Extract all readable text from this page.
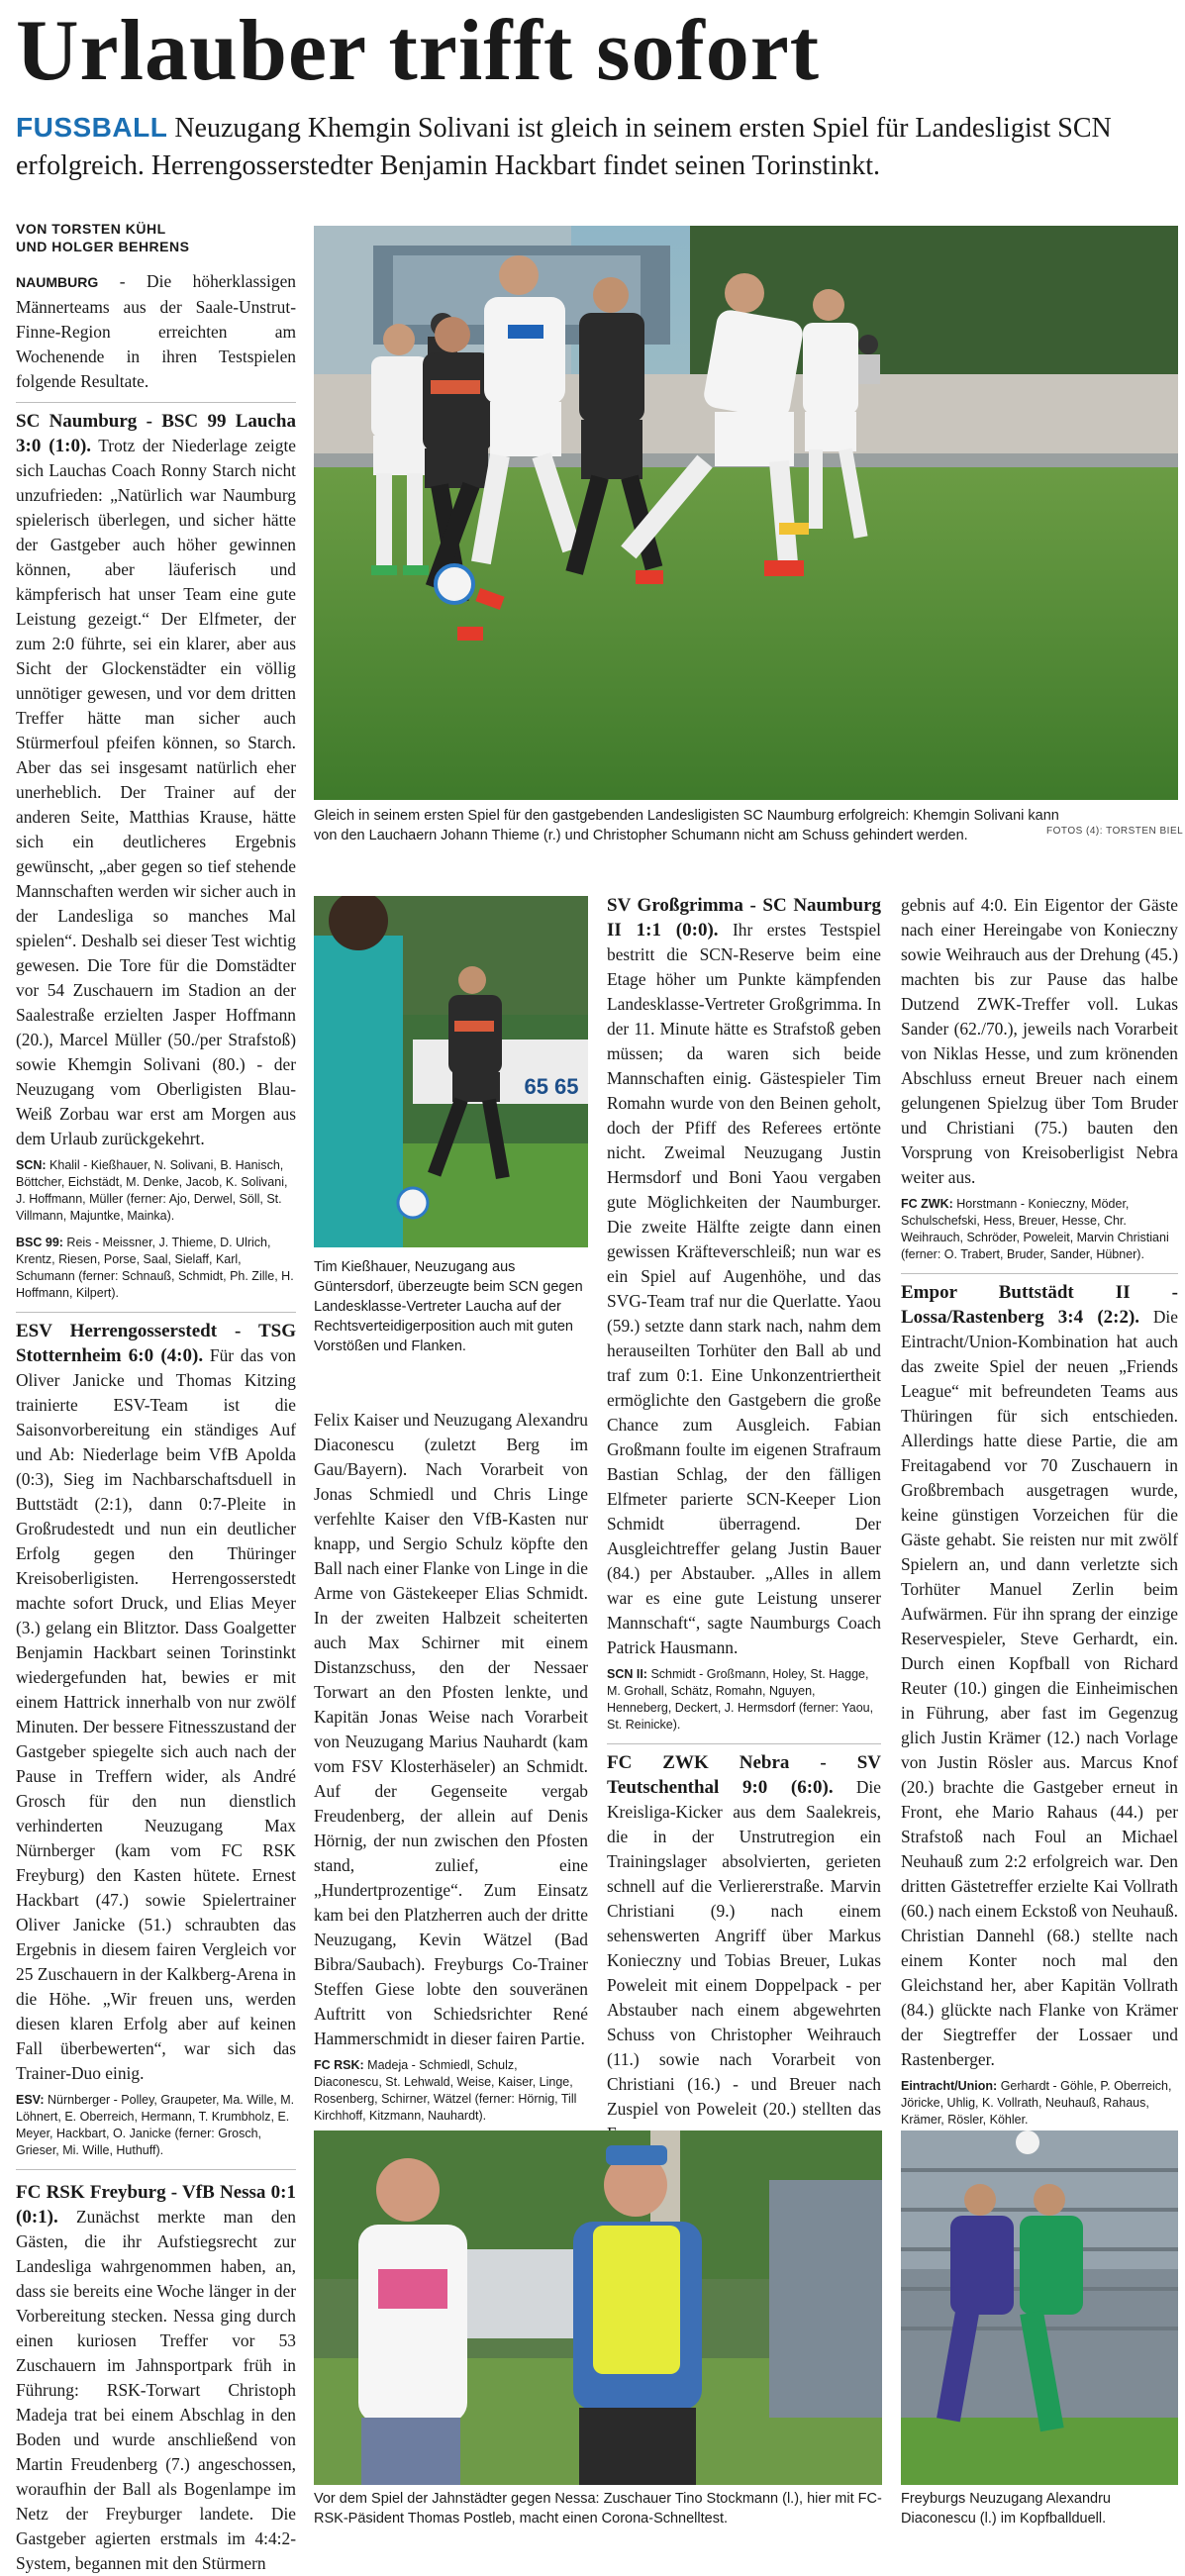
Urlauber trifft sofort

FUSSBALL Neuzugang Khemgin Solivani ist gleich in seinem ersten Spiel für Landesligist SCN erfolgreich. Herrengosserstedter Benjamin Hackbart findet seinen Torinstinkt.

VON TORSTEN KÜHL
UND HOLGER BEHRENS

NAUMBURG - Die höherklassigen Männerteams aus der Saale-Unstrut-Finne-Region erreichten am Wochenende in ihren Testspielen folgende Resultate.

SC Naumburg - BSC 99 Laucha 3:0 (1:0). Trotz der Niederlage zeigte sich Lauchas Coach Ronny Starch nicht unzufrieden: „Natürlich war Naumburg spielerisch überlegen, und sicher hätte der Gastgeber auch höher gewinnen können, aber läuferisch und kämpferisch hat unser Team eine gute Leistung gezeigt.“ Der Elfmeter, der zum 2:0 führte, sei ein klarer, aber aus Sicht der Glockenstädter ein völlig unnötiger gewesen, und vor dem dritten Treffer hätte man sicher auch Stürmerfoul pfeifen können, so Starch. Aber das sei insgesamt natürlich eher unerheblich. Der Trainer auf der anderen Seite, Matthias Krause, hätte sich ein deutlicheres Ergebnis gewünscht, „aber gegen so tief stehende Mannschaften werden wir sicher auch in der Landesliga so manches Mal spielen“. Deshalb sei dieser Test wichtig gewesen. Die Tore für die Domstädter vor 54 Zuschauern im Stadion an der Saalestraße erzielten Jasper Hoffmann (20.), Marcel Müller (50./per Strafstoß) sowie Khemgin Solivani (80.) - der Neuzugang vom Oberligisten Blau-Weiß Zorbau war erst am Morgen aus dem Urlaub zurückgekehrt.

SCN: Khalil - Kießhauer, N. Solivani, B. Hanisch, Böttcher, Eichstädt, M. Denke, Jacob, K. Solivani, J. Hoffmann, Müller (ferner: Ajo, Derwel, Söll, St. Villmann, Majuntke, Mainka).
BSC 99: Reis - Meissner, J. Thieme, D. Ulrich, Krentz, Riesen, Porse, Saal, Sielaff, Karl, Schumann (ferner: Schnauß, Schmidt, Ph. Zille, H. Hoffmann, Kilpert).

ESV Herrengosserstedt - TSG Stotternheim 6:0 (4:0). Für das von Oliver Janicke und Thomas Kitzing trainierte ESV-Team ist die Saisonvorbereitung ein ständiges Auf und Ab: Niederlage beim VfB Apolda (0:3), Sieg im Nachbarschaftsduell in Buttstädt (2:1), dann 0:7-Pleite in Großrudestedt und nun ein deutlicher Erfolg gegen den Thüringer Kreisoberligisten. Herrengosserstedt machte sofort Druck, und Elias Meyer (3.) gelang ein Blitztor. Dass Goalgetter Benjamin Hackbart seinen Torinstinkt wiedergefunden hat, bewies er mit einem Hattrick innerhalb von nur zwölf Minuten. Der bessere Fitnesszustand der Gastgeber spiegelte sich auch nach der Pause in Treffern wider, als André Grosch für den nun dienstlich verhinderten Neuzugang Max Nürnberger (kam vom FC RSK Freyburg) den Kasten hütete. Ernest Hackbart (47.) sowie Spielertrainer Oliver Janicke (51.) schraubten das Ergebnis in diesem fairen Vergleich vor 25 Zuschauern in der Kalkberg-Arena in die Höhe. „Wir freuen uns, werden diesen klaren Erfolg aber auf keinen Fall überbewerten“, war sich das Trainer-Duo einig.

ESV: Nürnberger - Polley, Graupeter, Ma. Wille, M. Löhnert, E. Oberreich, Hermann, T. Krumbholz, E. Meyer, Hackbart, O. Janicke (ferner: Grosch, Grieser, Mi. Wille, Huthuff).

FC RSK Freyburg - VfB Nessa 0:1 (0:1). Zunächst merkte man den Gästen, die ihr Aufstiegsrecht zur Landesliga wahrgenommen haben, an, dass sie bereits eine Woche länger in der Vorbereitung stecken. Nessa ging durch einen kuriosen Treffer vor 53 Zuschauern im Jahnsportpark früh in Führung: RSK-Torwart Christoph Madeja trat bei einem Abschlag in den Boden und wurde anschließend von Martin Freudenberg (7.) angeschossen, woraufhin der Ball als Bogenlampe im Netz der Freyburger landete. Die Gastgeber agierten erstmals im 4:4:2-System, begannen mit den Stürmern

Gleich in seinem ersten Spiel für den gastgebenden Landesligisten SC Naumburg erfolgreich: Khemgin Solivani kann von den Lauchaern Johann Thieme (r.) und Christopher Schumann nicht am Schuss gehindert werden.	FOTOS (4): TORSTEN BIEL
65 65
Tim Kießhauer, Neuzugang aus Güntersdorf, überzeugte beim SCN gegen Landesklasse-Vertreter Laucha auf der Rechtsverteidigerposition auch mit guten Vorstößen und Flanken.

Felix Kaiser und Neuzugang Alexandru Diaconescu (zuletzt Berg im Gau/Bayern). Nach Vorarbeit von Jonas Schmiedl und Chris Linge verfehlte Kaiser den VfB-Kasten nur knapp, und Sergio Schulz köpfte den Ball nach einer Flanke von Linge in die Arme von Gästekeeper Elias Schmidt. In der zweiten Halbzeit scheiterten auch Max Schirner mit einem Distanzschuss, den der Nessaer Torwart an den Pfosten lenkte, und Kapitän Jonas Weise nach Vorarbeit von Neuzugang Marius Nauhardt (kam vom FSV Klosterhäseler) an Schmidt. Auf der Gegenseite vergab Freudenberg, der allein auf Denis Hörnig, der nun zwischen den Pfosten stand, zulief, eine „Hundertprozentige“. Zum Einsatz kam bei den Platzherren auch der dritte Neuzugang, Kevin Wätzel (Bad Bibra/Saubach). Freyburgs Co-Trainer Steffen Giese lobte den souveränen Auftritt von Schiedsrichter René Hammerschmidt in dieser fairen Partie.

FC RSK: Madeja - Schmiedl, Schulz, Diaconescu, St. Lehwald, Weise, Kaiser, Linge, Rosenberg, Schirner, Wätzel (ferner: Hörnig, Till Kirchhoff, Kitzmann, Nauhardt).

SV Großgrimma - SC Naumburg II 1:1 (0:0). Ihr erstes Testspiel bestritt die SCN-Reserve beim eine Etage höher um Punkte kämpfenden Landesklasse-Vertreter Großgrimma. In der 11. Minute hätte es Strafstoß geben müssen; da waren sich beide Mannschaften einig. Gästespieler Tim Romahn wurde von den Beinen geholt, doch der Pfiff des Referees ertönte nicht. Zweimal Neuzugang Justin Hermsdorf und Boni Yaou vergaben gute Möglichkeiten der Naumburger. Die zweite Hälfte zeigte dann einen gewissen Kräfteverschleiß; nun war es ein Spiel auf Augenhöhe, und das SVG-Team traf nur die Querlatte. Yaou (59.) setzte dann stark nach, nahm dem herauseilten Torhüter den Ball ab und traf zum 0:1. Eine Unkonzentriertheit ermöglichte den Gastgebern die große Chance zum Ausgleich. Fabian Großmann foulte im eigenen Strafraum Bastian Schlag, der den fälligen Elfmeter parierte SCN-Keeper Lion Schmidt überragend. Der Ausgleichtreffer gelang Justin Bauer (84.) per Abstauber. „Alles in allem war es eine gute Leistung unserer Mannschaft“, sagte Naumburgs Coach Patrick Hausmann.

SCN II: Schmidt - Großmann, Holey, St. Hagge, M. Grohall, Schätz, Romahn, Nguyen, Henneberg, Deckert, J. Hermsdorf (ferner: Yaou, St. Reinicke).

FC ZWK Nebra - SV Teutschenthal 9:0 (6:0). Die Kreisliga-Kicker aus dem Saalekreis, die in der Unstrutregion ein Trainingslager absolvierten, gerieten schnell auf die Verliererstraße. Marvin Christiani (9.) nach einem sehenswerten Angriff über Markus Konieczny und Tobias Breuer, Lukas Poweleit mit einem Doppelpack - per Abstauber nach einem abgewehrten Schuss von Christopher Weihrauch (11.) sowie nach Vorarbeit von Christiani (16.) - und Breuer nach Zuspiel von Poweleit (20.) stellten das

gebnis auf 4:0. Ein Eigentor der Gäste nach einer Hereingabe von Konieczny sowie Weihrauch aus der Drehung (45.) machten bis zur Pause das halbe Dutzend ZWK-Treffer voll. Lukas Sander (62./70.), jeweils nach Vorarbeit von Niklas Hesse, und zum krönenden Abschluss erneut Breuer nach einem gelungenen Spielzug über Tom Bruder und Christiani (75.) bauten den Vorsprung von Kreisoberligist Nebra weiter aus.

FC ZWK: Horstmann - Konieczny, Möder, Schulschefski, Hess, Breuer, Hesse, Chr. Weihrauch, Schröder, Poweleit, Marvin Christiani (ferner: O. Trabert, Bruder, Sander, Hübner).

Empor Buttstädt II - Lossa/Rastenberg 3:4 (2:2). Die Eintracht/Union-Kombination hat auch das zweite Spiel der neuen „Friends League“ mit befreundeten Teams aus Thüringen für sich entschieden. Allerdings hatte diese Partie, die am Freitagabend vor 70 Zuschauern in Großbrembach ausgetragen wurde, keine günstigen Vorzeichen für die Gäste gehabt. Sie reisten nur mit zwölf Spielern an, und dann verletzte sich Torhüter Manuel Zerlin beim Aufwärmen. Für ihn sprang der einzige Reservespieler, Steve Gerhardt, ein. Durch einen Kopfball von Richard Reuter (10.) gingen die Einheimischen in Führung, aber fast im Gegenzug glich Justin Krämer (12.) nach Vorlage von Justin Rösler aus. Marcus Knof (20.) brachte die Gastgeber erneut in Front, ehe Mario Rahaus (44.) per Strafstoß nach Foul an Michael Neuhauß zum 2:2 erfolgreich war. Den dritten Gästetreffer erzielte Kai Vollrath (60.) nach einem Eckstoß von Neuhauß. Christian Dannehl (68.) stellte nach einem Konter noch mal den Gleichstand her, aber Kapitän Vollrath (84.) glückte nach Flanke von Krämer der Siegtreffer der Lossaer und Rastenberger.

Eintracht/Union: Gerhardt - Göhle, P. Oberreich, Jöricke, Uhlig, K. Vollrath, Neuhauß, Rahaus, Krämer, Rösler, Köhler.
Vor dem Spiel der Jahnstädter gegen Nessa: Zuschauer Tino Stockmann (l.), hier mit FC-RSK-Päsident Thomas Postleb, macht einen Corona-Schnelltest.
Freyburgs Neuzugang Alexandru Diaconescu (l.) im Kopfballduell.
